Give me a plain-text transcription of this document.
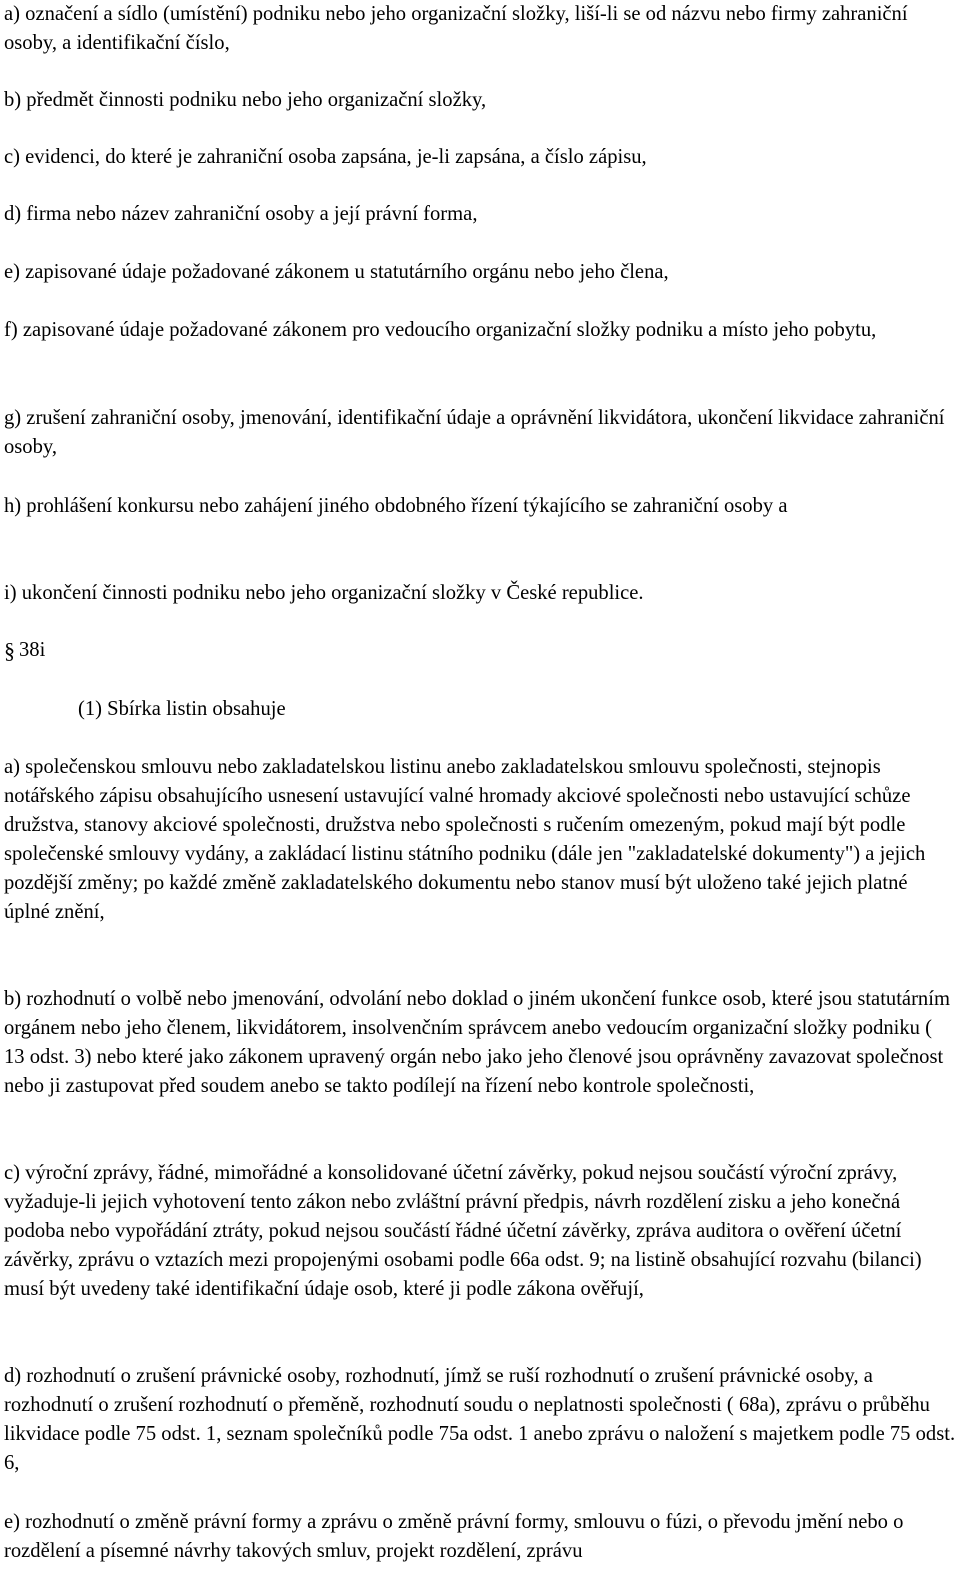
a) označení a sídlo (umístění) podniku nebo jeho organizační složky, liší-li se od názvu nebo firmy zahraniční osoby, a identifikační číslo,

b) předmět činnosti podniku nebo jeho organizační složky,

c) evidenci, do které je zahraniční osoba zapsána, je-li zapsána, a číslo zápisu,

d) firma nebo název zahraniční osoby a její právní forma,

e) zapisované údaje požadované zákonem u statutárního orgánu nebo jeho člena,

f) zapisované údaje požadované zákonem pro vedoucího organizační složky podniku a místo jeho pobytu,

g) zrušení zahraniční osoby, jmenování, identifikační údaje a oprávnění likvidátora, ukončení likvidace zahraniční osoby,

h) prohlášení konkursu nebo zahájení jiného obdobného řízení týkajícího se zahraniční osoby a

i) ukončení činnosti podniku nebo jeho organizační složky v České republice.

§ 38i

(1) Sbírka listin obsahuje

a) společenskou smlouvu nebo zakladatelskou listinu anebo zakladatelskou smlouvu společnosti, stejnopis notářského zápisu obsahujícího usnesení ustavující valné hromady akciové společnosti nebo ustavující schůze družstva, stanovy akciové společnosti, družstva nebo společnosti s ručením omezeným, pokud mají být podle společenské smlouvy vydány, a zakládací listinu státního podniku (dále jen "zakladatelské dokumenty") a jejich pozdější změny; po každé změně zakladatelského dokumentu nebo stanov musí být uloženo také jejich platné úplné znění,

b) rozhodnutí o volbě nebo jmenování, odvolání nebo doklad o jiném ukončení funkce osob, které jsou statutárním orgánem nebo jeho členem, likvidátorem, insolvenčním správcem anebo vedoucím organizační složky podniku ( 13 odst. 3) nebo které jako zákonem upravený orgán nebo jako jeho členové jsou oprávněny zavazovat společnost nebo ji zastupovat před soudem anebo se takto podílejí na řízení nebo kontrole společnosti,

c) výroční zprávy, řádné, mimořádné a konsolidované účetní závěrky, pokud nejsou součástí výroční zprávy, vyžaduje-li jejich vyhotovení tento zákon nebo zvláštní právní předpis, návrh rozdělení zisku a jeho konečná podoba nebo vypořádání ztráty, pokud nejsou součástí řádné účetní závěrky, zpráva auditora o ověření účetní závěrky, zprávu o vztazích mezi propojenými osobami podle 66a odst. 9; na listině obsahující rozvahu (bilanci) musí být uvedeny také identifikační údaje osob, které ji podle zákona ověřují,

d) rozhodnutí o zrušení právnické osoby, rozhodnutí, jímž se ruší rozhodnutí o zrušení právnické osoby, a rozhodnutí o zrušení rozhodnutí o přeměně, rozhodnutí soudu o neplatnosti společnosti ( 68a), zprávu o průběhu likvidace podle 75 odst. 1, seznam společníků podle 75a odst. 1 anebo zprávu o naložení s majetkem podle 75 odst. 6,

e) rozhodnutí o změně právní formy a zprávu o změně právní formy, smlouvu o fúzi, o převodu jmění nebo o rozdělení a písemné návrhy takových smluv, projekt rozdělení, zprávu
